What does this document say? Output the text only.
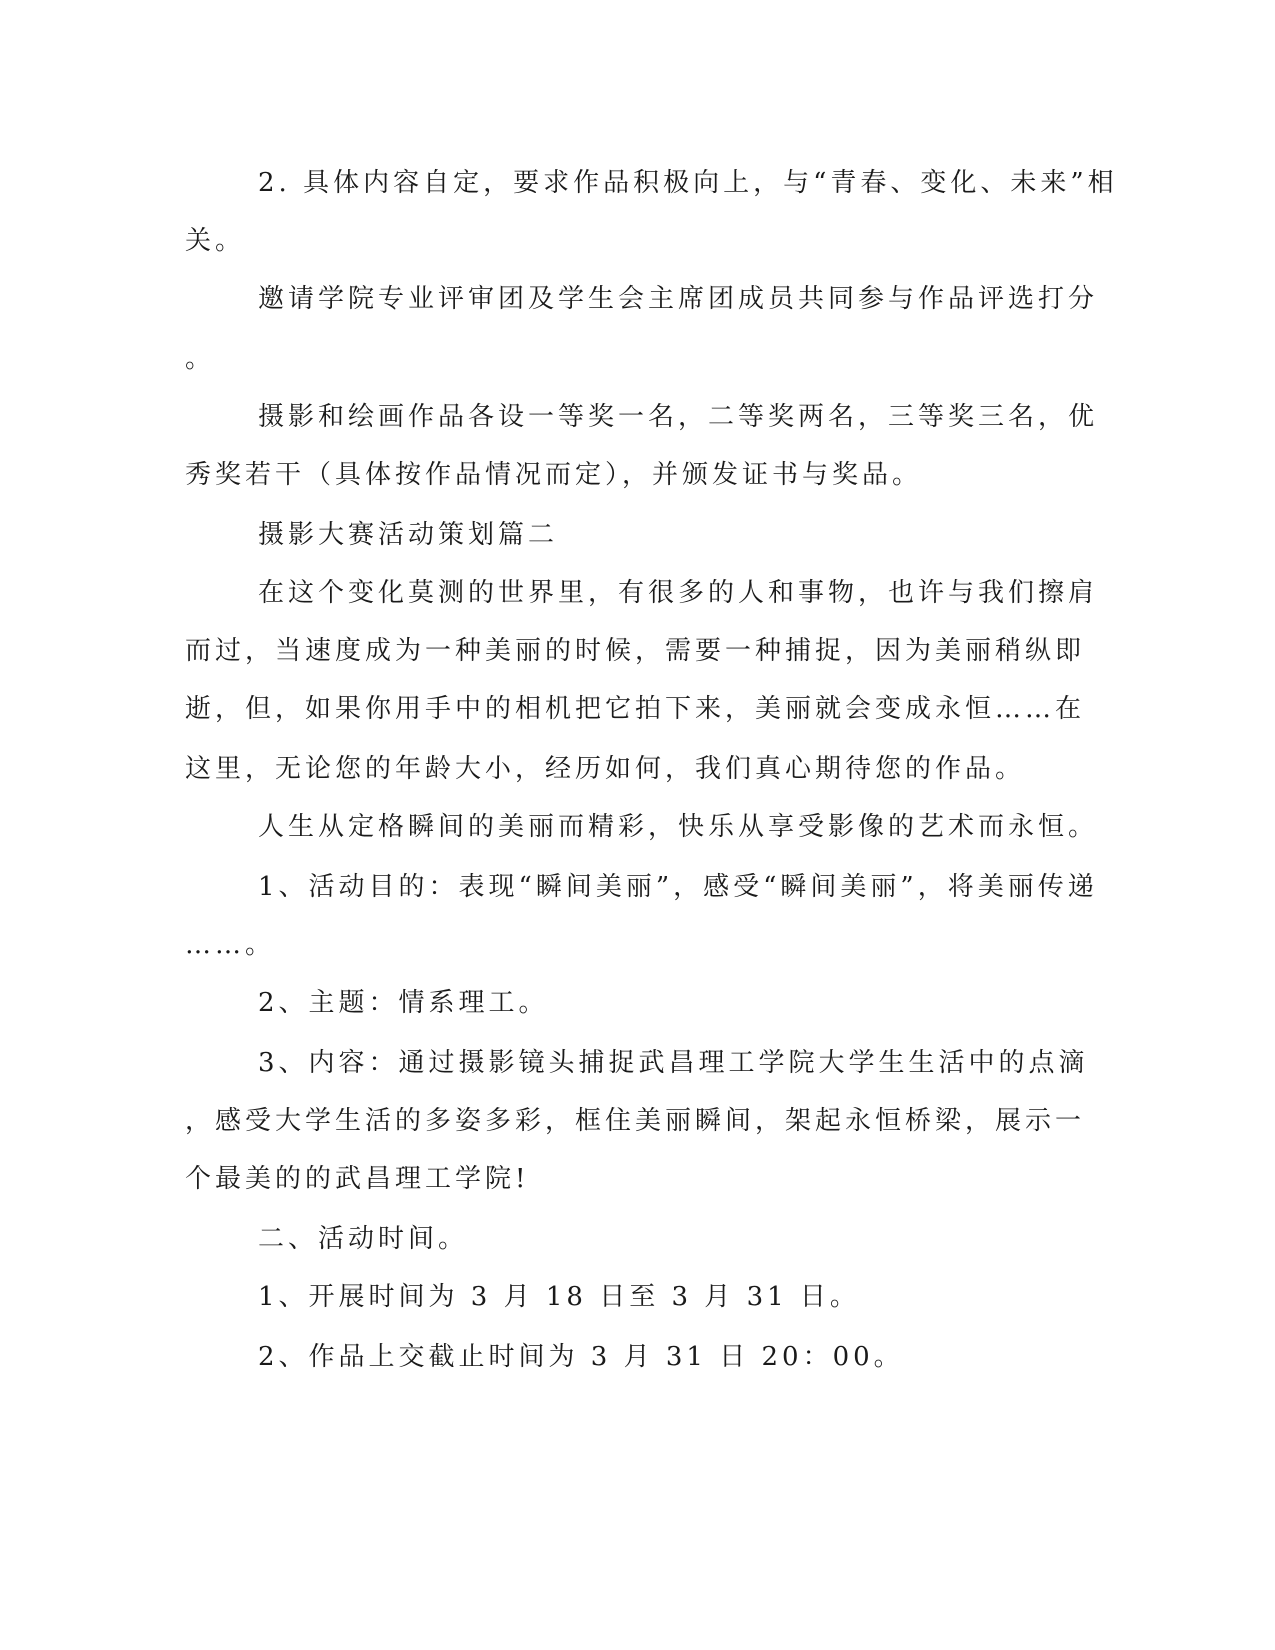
2. 具体内容自定，要求作品积极向上，与“青春、变化、未来”相
关。
邀请学院专业评审团及学生会主席团成员共同参与作品评选打分
。
摄影和绘画作品各设一等奖一名，二等奖两名，三等奖三名，优
秀奖若干（具体按作品情况而定），并颁发证书与奖品。
摄影大赛活动策划篇二
在这个变化莫测的世界里，有很多的人和事物，也许与我们擦肩
而过，当速度成为一种美丽的时候，需要一种捕捉，因为美丽稍纵即
逝，但，如果你用手中的相机把它拍下来，美丽就会变成永恒……在
这里，无论您的年龄大小，经历如何，我们真心期待您的作品。
人生从定格瞬间的美丽而精彩，快乐从享受影像的艺术而永恒。
1、活动目的：表现“瞬间美丽”，感受“瞬间美丽”，将美丽传递
……。
2、主题：情系理工。
3、内容：通过摄影镜头捕捉武昌理工学院大学生生活中的点滴
，感受大学生活的多姿多彩，框住美丽瞬间，架起永恒桥梁，展示一
个最美的的武昌理工学院!
二、活动时间。
1、开展时间为 3 月 18 日至 3 月 31 日。
2、作品上交截止时间为 3 月 31 日 20：00。
